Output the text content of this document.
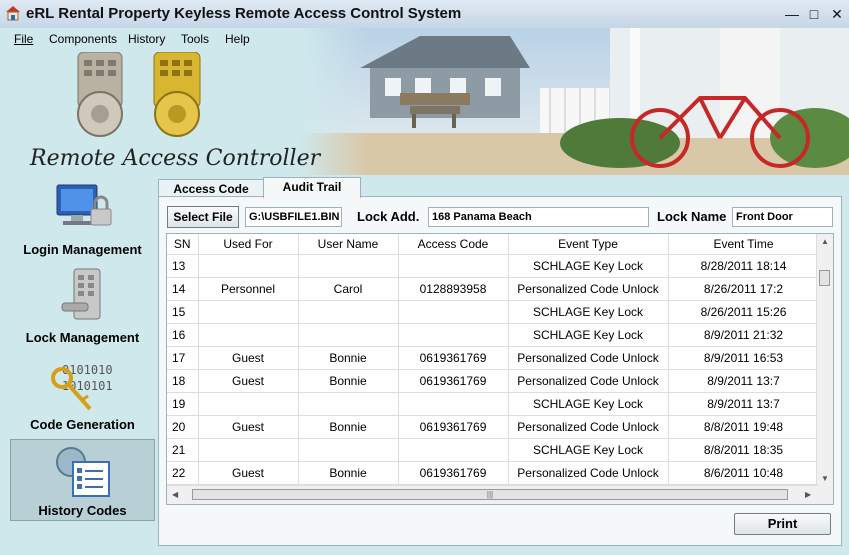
eRL Rental Property Keyless Remote Access Control System	— □ ✕
File Components History Tools Help
Remote Access Controller
Login Management
Lock Management
0101010
1010101
Code Generation
History Codes
Access Code	Audit Trail
Select File	G:\USBFILE1.BIN Lock Add.	168 Panama Beach	Lock Name Front Door
SN	Used For	User Name	Access Code	Event Type	Event Time
13				SCHLAGE Key Lock	8/28/2011 18:14
14	Personnel	Carol	0128893958	Personalized Code Unlock	8/26/2011 17:2
15				SCHLAGE Key Lock	8/26/2011 15:26
16				SCHLAGE Key Lock	8/9/2011 21:32
17	Guest	Bonnie	0619361769	Personalized Code Unlock	8/9/2011 16:53
18	Guest	Bonnie	0619361769	Personalized Code Unlock	8/9/2011 13:7
19				SCHLAGE Key Lock	8/9/2011 13:7
20	Guest	Bonnie	0619361769	Personalized Code Unlock	8/8/2011 19:48
21				SCHLAGE Key Lock	8/8/2011 18:35
22	Guest	Bonnie	0619361769	Personalized Code Unlock	8/6/2011 10:48
▲
▼
◀	|||	▶
Print
